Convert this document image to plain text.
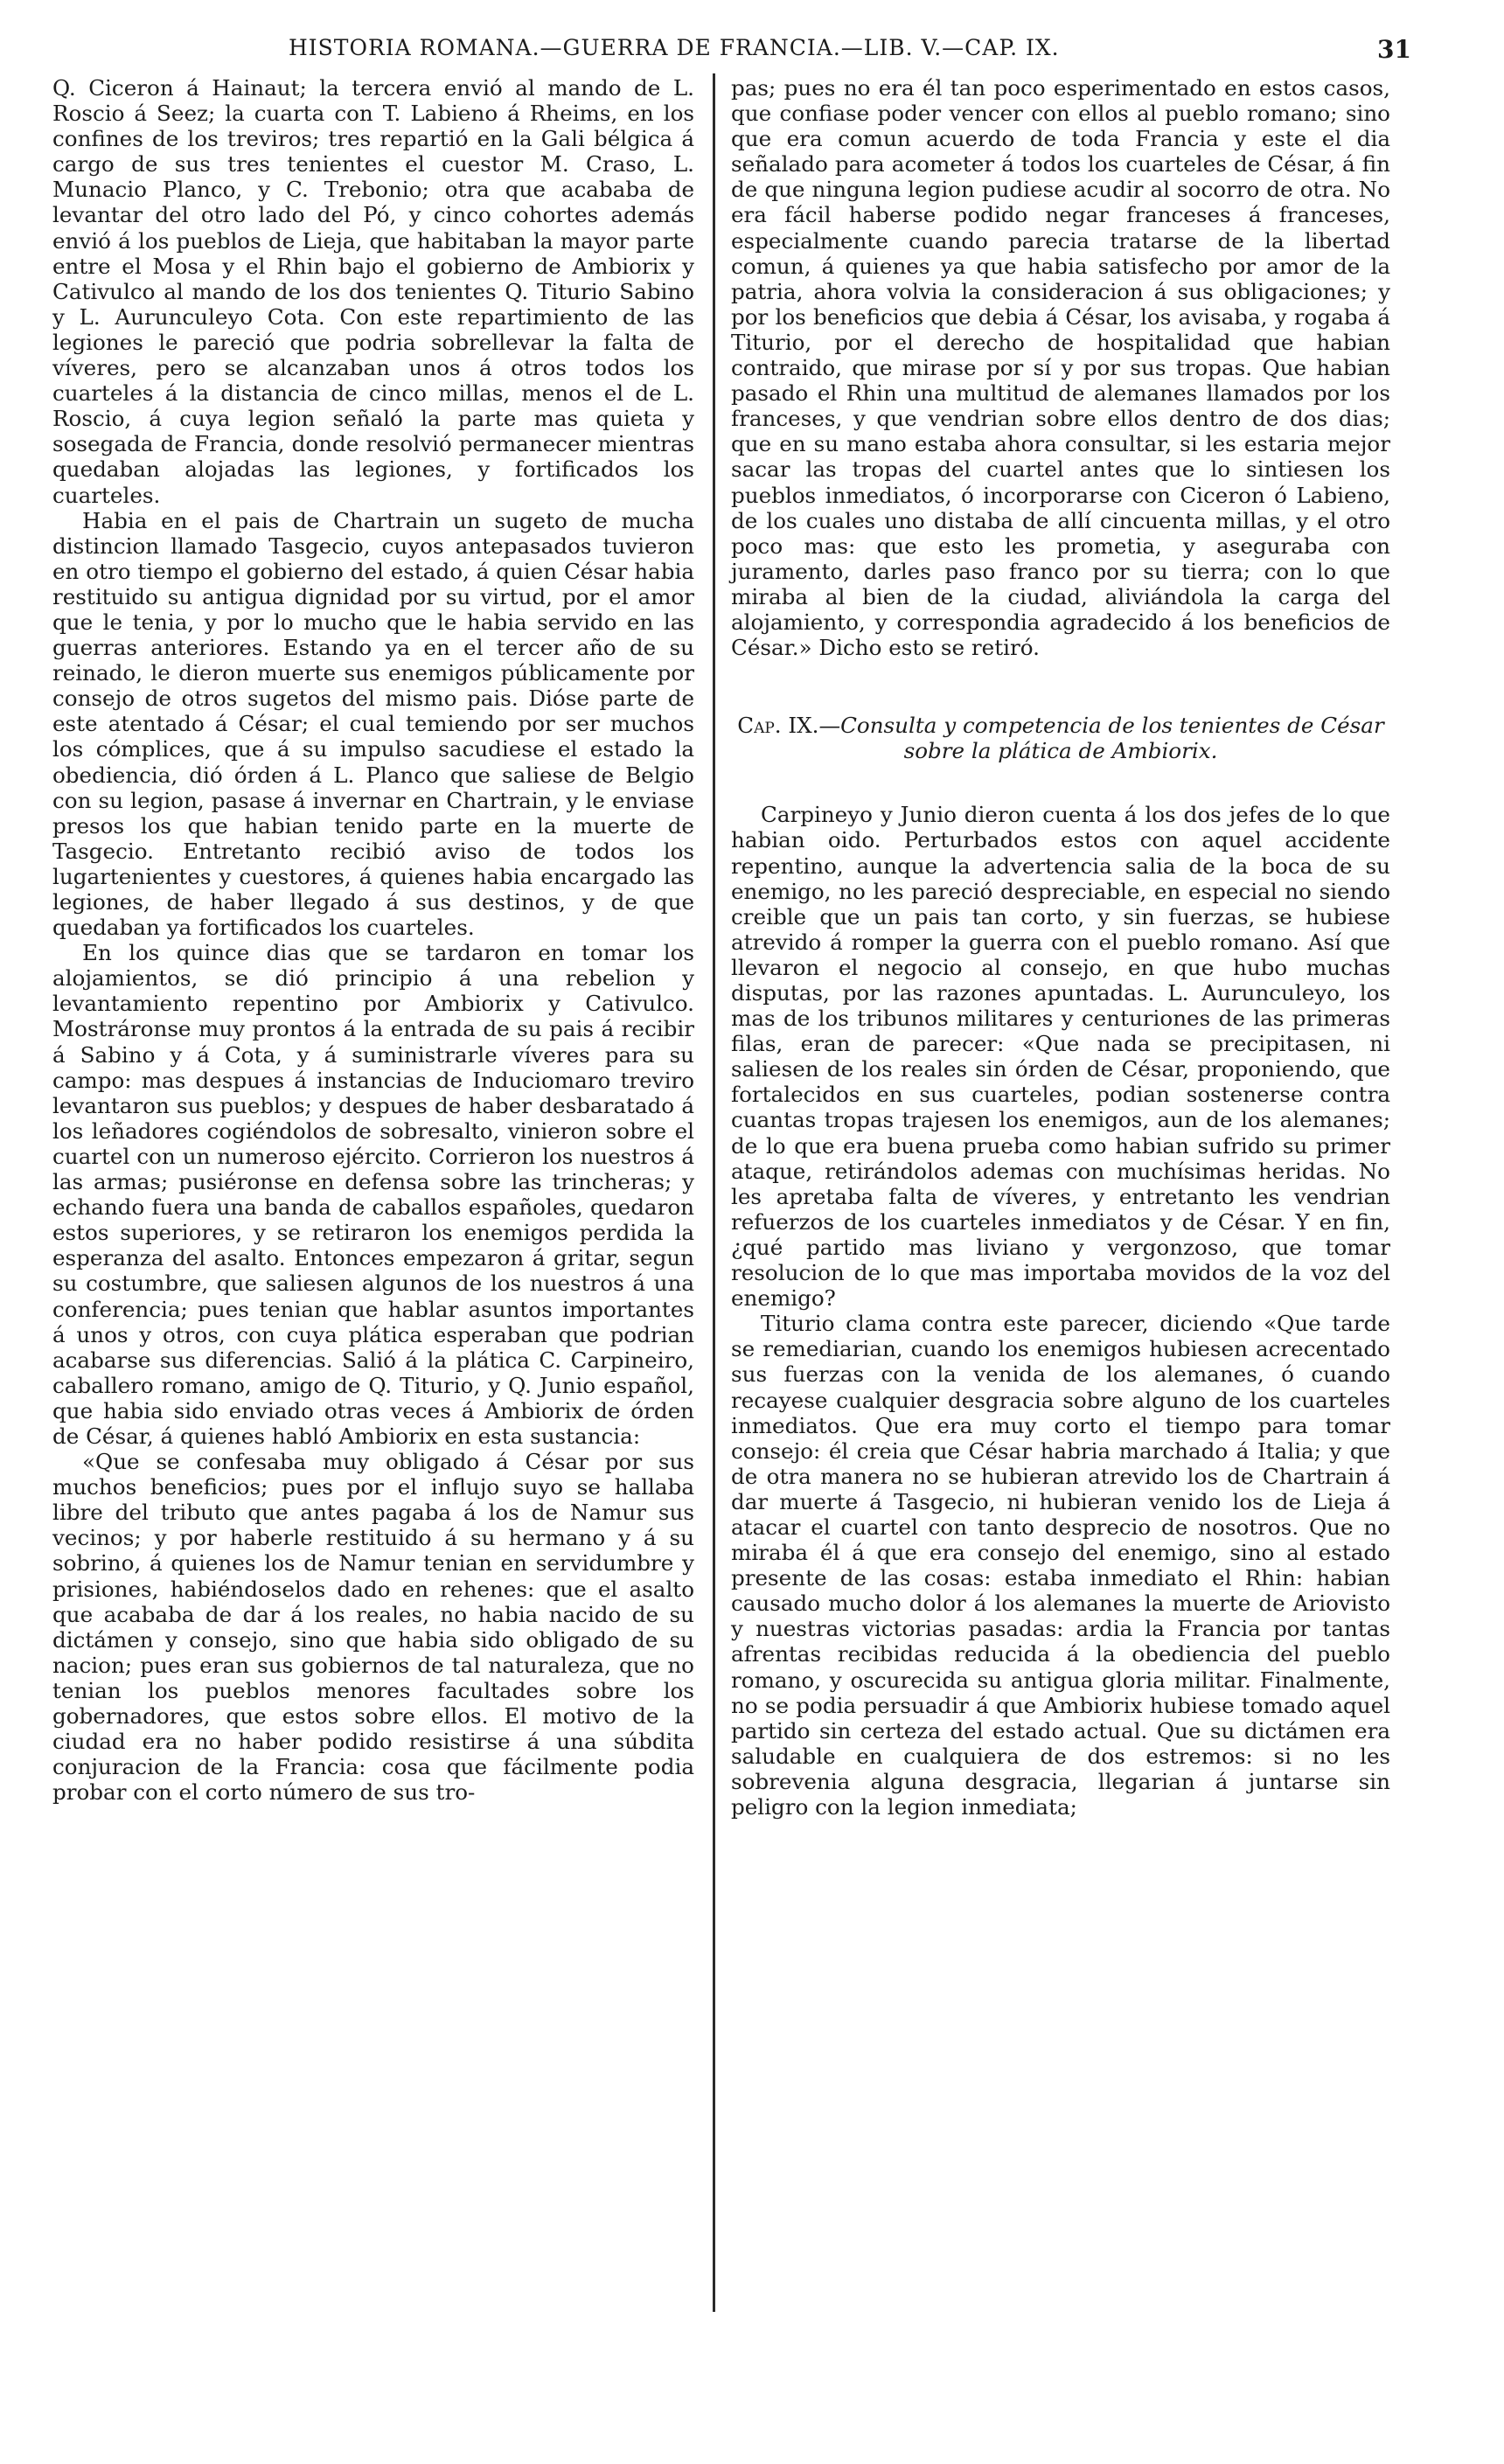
HISTORIA ROMANA.—GUERRA DE FRANCIA.—LIB. V.—CAP. IX.	31

Q. Ciceron á Hainaut; la tercera envió al mando de L. Roscio á Seez; la cuarta con T. Labieno á Rheims, en los confines de los treviros; tres repartió en la Gali bélgica á cargo de sus tres tenientes el cuestor M. Craso, L. Munacio Planco, y C. Trebonio; otra que acababa de levantar del otro lado del Pó, y cinco cohortes además envió á los pueblos de Lieja, que habitaban la mayor parte entre el Mosa y el Rhin bajo el gobierno de Ambiorix y Cativulco al mando de los dos tenientes Q. Titurio Sabino y L. Aurunculeyo Cota. Con este repartimiento de las legiones le pareció que podria sobrellevar la falta de víveres, pero se alcanzaban unos á otros todos los cuarteles á la distancia de cinco millas, menos el de L. Roscio, á cuya legion señaló la parte mas quieta y sosegada de Francia, donde resolvió permanecer mientras quedaban alojadas las legiones, y fortificados los cuarteles.

Habia en el pais de Chartrain un sugeto de mucha distincion llamado Tasgecio, cuyos antepasados tuvieron en otro tiempo el gobierno del estado, á quien César habia restituido su antigua dignidad por su virtud, por el amor que le tenia, y por lo mucho que le habia servido en las guerras anteriores. Estando ya en el tercer año de su reinado, le dieron muerte sus enemigos públicamente por consejo de otros sugetos del mismo pais. Dióse parte de este atentado á César; el cual temiendo por ser muchos los cómplices, que á su impulso sacudiese el estado la obediencia, dió órden á L. Planco que saliese de Belgio con su legion, pasase á invernar en Chartrain, y le enviase presos los que habian tenido parte en la muerte de Tasgecio. Entretanto recibió aviso de todos los lugartenientes y cuestores, á quienes habia encargado las legiones, de haber llegado á sus destinos, y de que quedaban ya fortificados los cuarteles.

En los quince dias que se tardaron en tomar los alojamientos, se dió principio á una rebelion y levantamiento repentino por Ambiorix y Cativulco. Mostráronse muy prontos á la entrada de su pais á recibir á Sabino y á Cota, y á suministrarle víveres para su campo: mas despues á instancias de Induciomaro treviro levantaron sus pueblos; y despues de haber desbaratado á los leñadores cogiéndolos de sobresalto, vinieron sobre el cuartel con un numeroso ejército. Corrieron los nuestros á las armas; pusiéronse en defensa sobre las trincheras; y echando fuera una banda de caballos españoles, quedaron estos superiores, y se retiraron los enemigos perdida la esperanza del asalto. Entonces empezaron á gritar, segun su costumbre, que saliesen algunos de los nuestros á una conferencia; pues tenian que hablar asuntos importantes á unos y otros, con cuya plática esperaban que podrian acabarse sus diferencias. Salió á la plática C. Carpineiro, caballero romano, amigo de Q. Titurio, y Q. Junio español, que habia sido enviado otras veces á Ambiorix de órden de César, á quienes habló Ambiorix en esta sustancia:

«Que se confesaba muy obligado á César por sus muchos beneficios; pues por el influjo suyo se hallaba libre del tributo que antes pagaba á los de Namur sus vecinos; y por haberle restituido á su hermano y á su sobrino, á quienes los de Namur tenian en servidumbre y prisiones, habiéndoselos dado en rehenes: que el asalto que acababa de dar á los reales, no habia nacido de su dictámen y consejo, sino que habia sido obligado de su nacion; pues eran sus gobiernos de tal naturaleza, que no tenian los pueblos menores facultades sobre los gobernadores, que estos sobre ellos. El motivo de la ciudad era no haber podido resistirse á una súbdita conjuracion de la Francia: cosa que fácilmente podia probar con el corto número de sus tro-

pas; pues no era él tan poco esperimentado en estos casos, que confiase poder vencer con ellos al pueblo romano; sino que era comun acuerdo de toda Francia y este el dia señalado para acometer á todos los cuarteles de César, á fin de que ninguna legion pudiese acudir al socorro de otra. No era fácil haberse podido negar franceses á franceses, especialmente cuando parecia tratarse de la libertad comun, á quienes ya que habia satisfecho por amor de la patria, ahora volvia la consideracion á sus obligaciones; y por los beneficios que debia á César, los avisaba, y rogaba á Titurio, por el derecho de hospitalidad que habian contraido, que mirase por sí y por sus tropas. Que habian pasado el Rhin una multitud de alemanes llamados por los franceses, y que vendrian sobre ellos dentro de dos dias; que en su mano estaba ahora consultar, si les estaria mejor sacar las tropas del cuartel antes que lo sintiesen los pueblos inmediatos, ó incorporarse con Ciceron ó Labieno, de los cuales uno distaba de allí cincuenta millas, y el otro poco mas: que esto les prometia, y aseguraba con juramento, darles paso franco por su tierra; con lo que miraba al bien de la ciudad, aliviándola la carga del alojamiento, y correspondia agradecido á los beneficios de César.» Dicho esto se retiró.

Cap. IX.—Consulta y competencia de los tenientes de César sobre la plática de Ambiorix.

Carpineyo y Junio dieron cuenta á los dos jefes de lo que habian oido. Perturbados estos con aquel accidente repentino, aunque la advertencia salia de la boca de su enemigo, no les pareció despreciable, en especial no siendo creible que un pais tan corto, y sin fuerzas, se hubiese atrevido á romper la guerra con el pueblo romano. Así que llevaron el negocio al consejo, en que hubo muchas disputas, por las razones apuntadas. L. Aurunculeyo, los mas de los tribunos militares y centuriones de las primeras filas, eran de parecer: «Que nada se precipitasen, ni saliesen de los reales sin órden de César, proponiendo, que fortalecidos en sus cuarteles, podian sostenerse contra cuantas tropas trajesen los enemigos, aun de los alemanes; de lo que era buena prueba como habian sufrido su primer ataque, retirándolos ademas con muchísimas heridas. No les apretaba falta de víveres, y entretanto les vendrian refuerzos de los cuarteles inmediatos y de César. Y en fin, ¿qué partido mas liviano y vergonzoso, que tomar resolucion de lo que mas importaba movidos de la voz del enemigo?

Titurio clama contra este parecer, diciendo «Que tarde se remediarian, cuando los enemigos hubiesen acrecentado sus fuerzas con la venida de los alemanes, ó cuando recayese cualquier desgracia sobre alguno de los cuarteles inmediatos. Que era muy corto el tiempo para tomar consejo: él creia que César habria marchado á Italia; y que de otra manera no se hubieran atrevido los de Chartrain á dar muerte á Tasgecio, ni hubieran venido los de Lieja á atacar el cuartel con tanto desprecio de nosotros. Que no miraba él á que era consejo del enemigo, sino al estado presente de las cosas: estaba inmediato el Rhin: habian causado mucho dolor á los alemanes la muerte de Ariovisto y nuestras victorias pasadas: ardia la Francia por tantas afrentas recibidas reducida á la obediencia del pueblo romano, y oscurecida su antigua gloria militar. Finalmente, no se podia persuadir á que Ambiorix hubiese tomado aquel partido sin certeza del estado actual. Que su dictámen era saludable en cualquiera de dos estremos: si no les sobrevenia alguna desgracia, llegarian á juntarse sin peligro con la legion inmediata;
